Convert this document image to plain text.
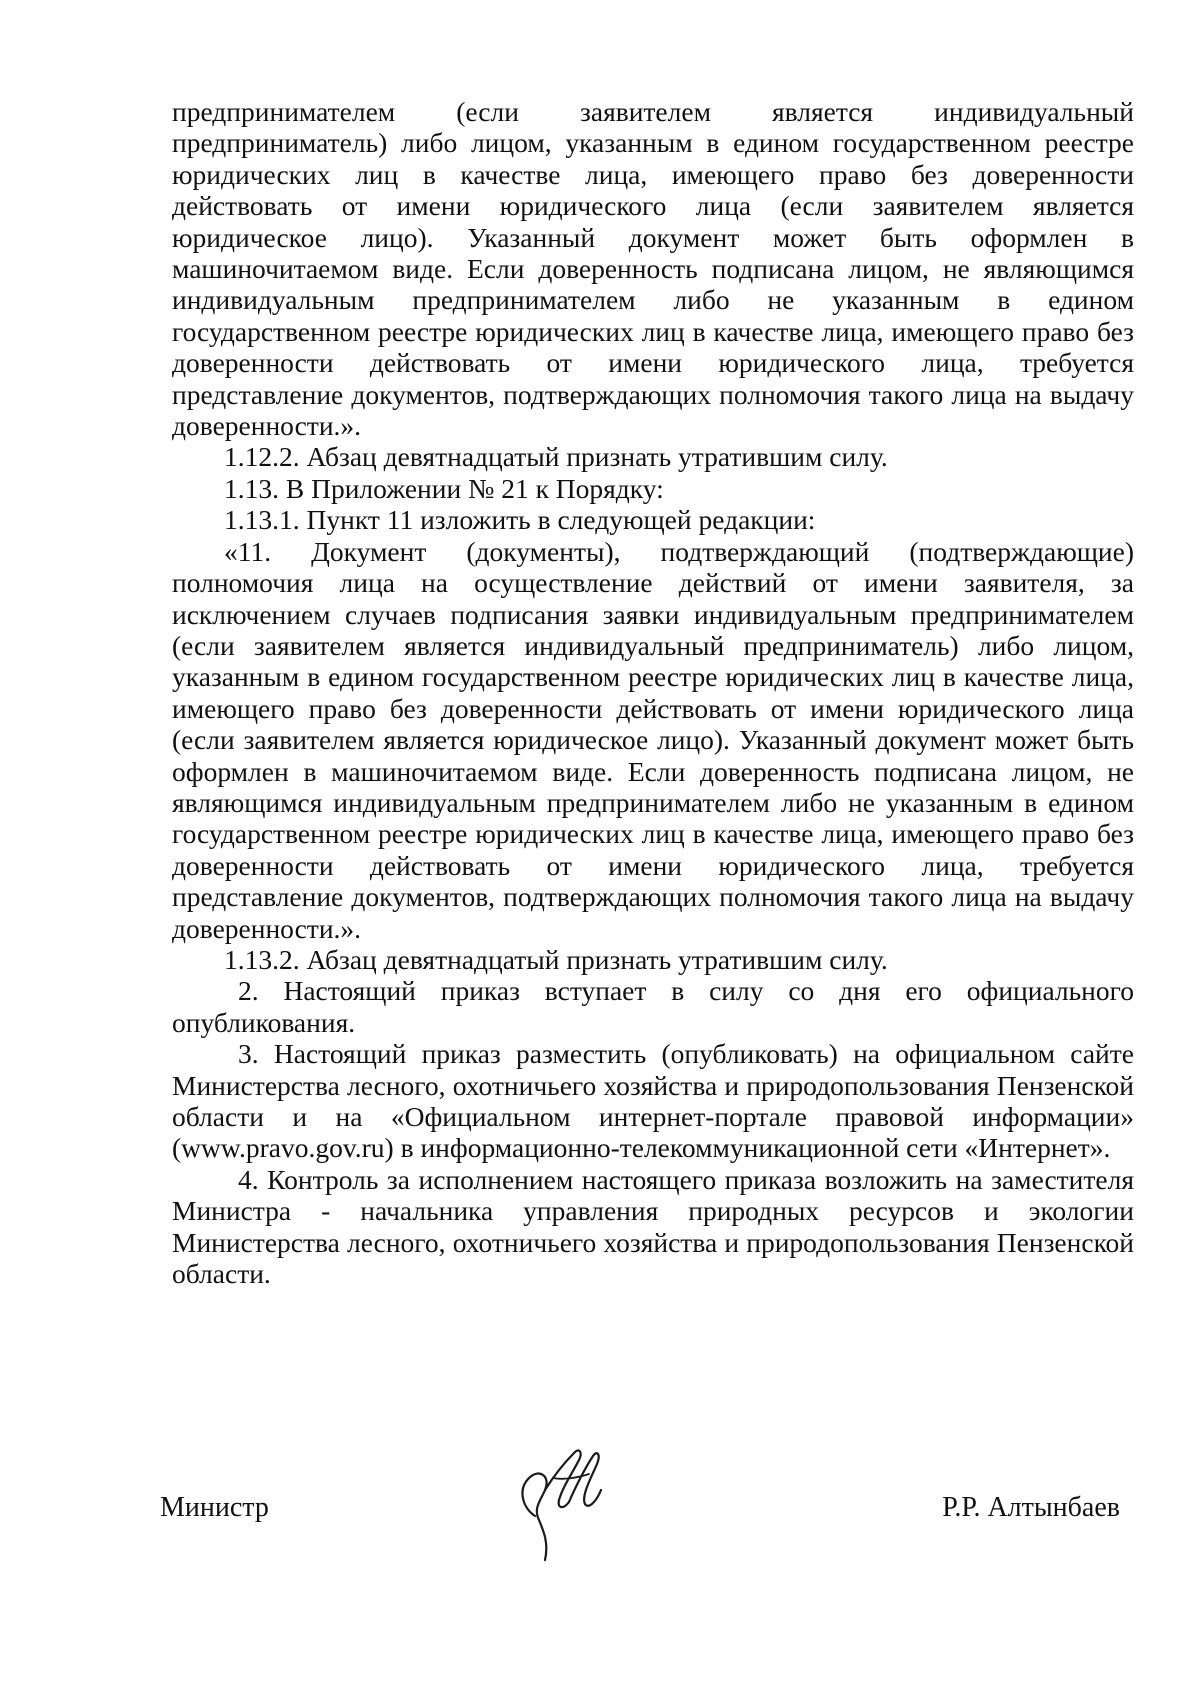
предпринимателем (если заявителем является индивидуальный предприниматель) либо лицом, указанным в едином государственном реестре юридических лиц в качестве лица, имеющего право без доверенности действовать от имени юридического лица (если заявителем является юридическое лицо). Указанный документ может быть оформлен в машиночитаемом виде. Если доверенность подписана лицом, не являющимся индивидуальным предпринимателем либо не указанным в едином государственном реестре юридических лиц в качестве лица, имеющего право без доверенности действовать от имени юридического лица, требуется представление документов, подтверждающих полномочия такого лица на выдачу доверенности.».

1.12.2. Абзац девятнадцатый признать утратившим силу.

1.13. В Приложении № 21 к Порядку:

1.13.1. Пункт 11 изложить в следующей редакции:

«11. Документ (документы), подтверждающий (подтверждающие) полномочия лица на осуществление действий от имени заявителя, за исключением случаев подписания заявки индивидуальным предпринимателем (если заявителем является индивидуальный предприниматель) либо лицом, указанным в едином государственном реестре юридических лиц в качестве лица, имеющего право без доверенности действовать от имени юридического лица (если заявителем является юридическое лицо). Указанный документ может быть оформлен в машиночитаемом виде. Если доверенность подписана лицом, не являющимся индивидуальным предпринимателем либо не указанным в едином государственном реестре юридических лиц в качестве лица, имеющего право без доверенности действовать от имени юридического лица, требуется представление документов, подтверждающих полномочия такого лица на выдачу доверенности.».

1.13.2. Абзац девятнадцатый признать утратившим силу.

2. Настоящий приказ вступает в силу со дня его официального опубликования.

3. Настоящий приказ разместить (опубликовать) на официальном сайте Министерства лесного, охотничьего хозяйства и природопользования Пензенской области и на «Официальном интернет-портале правовой информации» (www.pravo.gov.ru) в информационно-телекоммуникационной сети «Интернет».

4. Контроль за исполнением настоящего приказа возложить на заместителя Министра - начальника управления природных ресурсов и экологии Министерства лесного, охотничьего хозяйства и природопользования Пензенской области.

Министр	Р.Р. Алтынбаев
